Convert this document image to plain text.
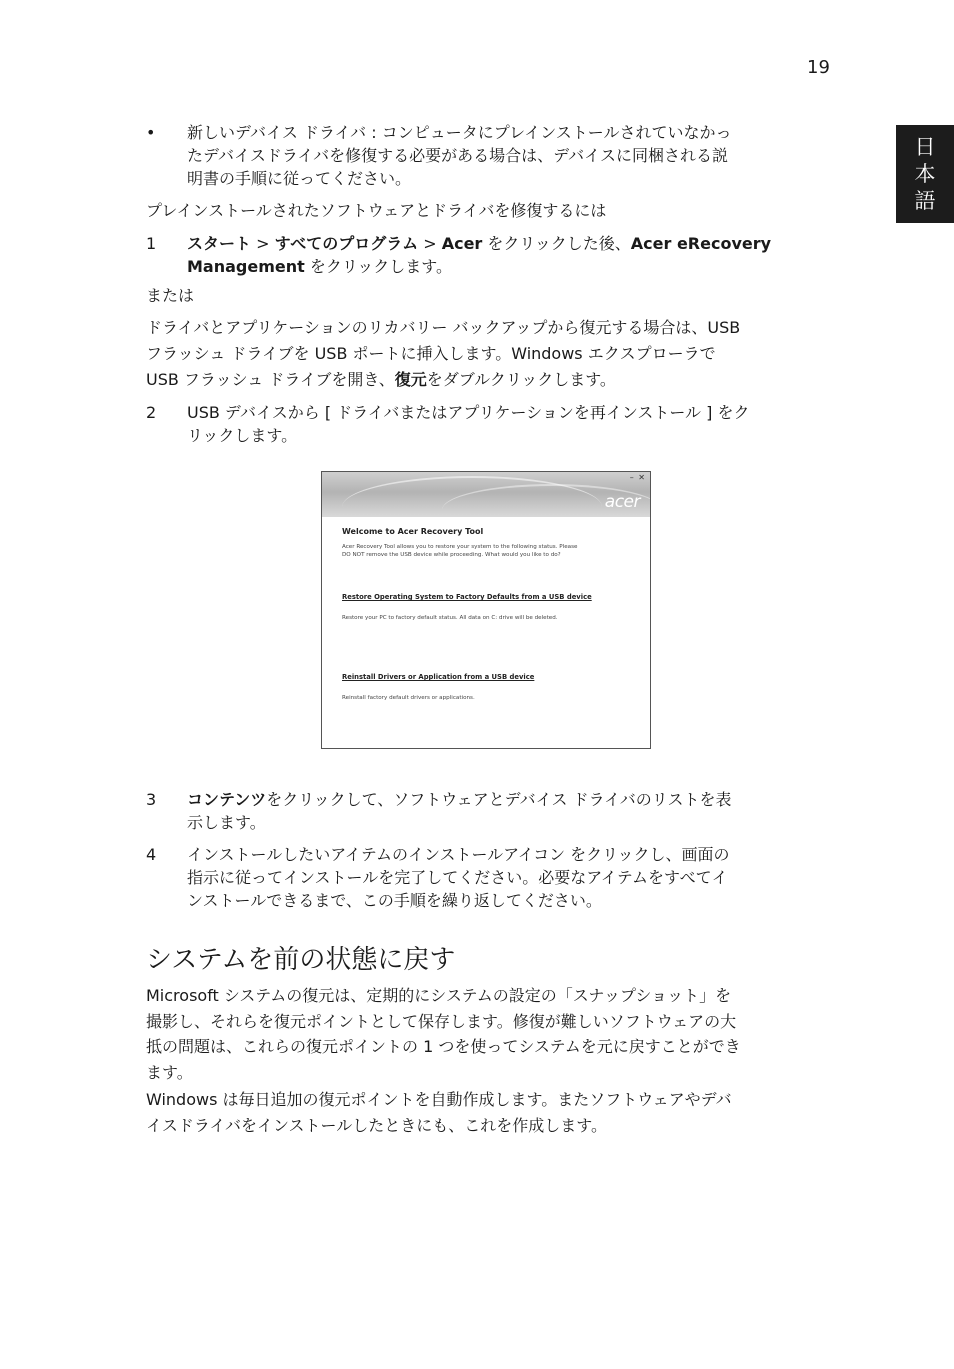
19
日
本
語
•	新しいデバイス ドライバ : コンピュータにプレインストールされていなかっ
たデバイスドライバを修復する必要がある場合は、デバイスに同梱される説
明書の手順に従ってください。
プレインストールされたソフトウェアとドライバを修復するには
1	スタート > すべてのプログラム > Acer をクリックした後、Acer eRecovery
Management をクリックします。
または
ドライバとアプリケーションのリカバリー バックアップから復元する場合は、USB
フラッシュ ドライブを USB ポートに挿入します。Windows エクスプローラで
USB フラッシュ ドライブを開き、復元をダブルクリックします。
2	USB デバイスから [ ドライバまたはアプリケーションを再インストール ] をク
リックします。
– ✕
acer
Welcome to Acer Recovery Tool
Acer Recovery Tool allows you to restore your system to the following status. Please
DO NOT remove the USB device while proceeding. What would you like to do?
Restore Operating System to Factory Defaults from a USB device
Restore your PC to factory default status. All data on C: drive will be deleted.
Reinstall Drivers or Application from a USB device
Reinstall factory default drivers or applications.
3	コンテンツをクリックして、ソフトウェアとデバイス ドライバのリストを表
示します。
4	インストールしたいアイテムのインストールアイコン をクリックし、画面の
指示に従ってインストールを完了してください。必要なアイテムをすべてイ
ンストールできるまで、この手順を繰り返してください。
システムを前の状態に戻す
Microsoft システムの復元は、定期的にシステムの設定の「スナップショット」を
撮影し、それらを復元ポイントとして保存します。修復が難しいソフトウェアの大
抵の問題は、これらの復元ポイントの 1 つを使ってシステムを元に戻すことができ
ます。
Windows は毎日追加の復元ポイントを自動作成します。またソフトウェアやデバ
イスドライバをインストールしたときにも、これを作成します。
